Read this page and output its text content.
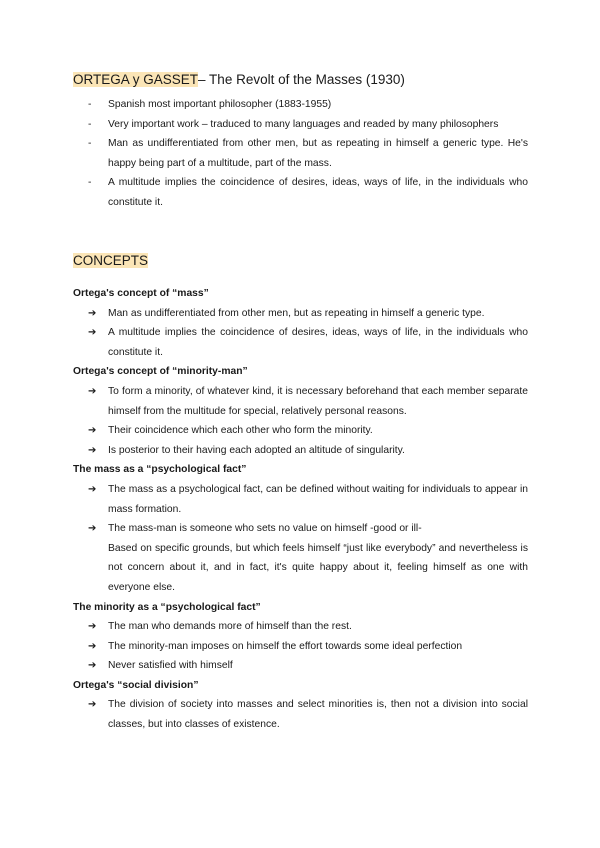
ORTEGA y GASSET– The Revolt of the Masses (1930)
- Spanish most important philosopher (1883-1955)
- Very important work – traduced to many languages and readed by many philosophers
- Man as undifferentiated from other men, but as repeating in himself a generic type. He's happy being part of a multitude, part of the mass.
- A multitude implies the coincidence of desires, ideas, ways of life, in the individuals who constitute it.
CONCEPTS
Ortega's concept of “mass”
➔ Man as undifferentiated from other men, but as repeating in himself a generic type.
➔ A multitude implies the coincidence of desires, ideas, ways of life, in the individuals who constitute it.
Ortega's concept of “minority-man”
➔ To form a minority, of whatever kind, it is necessary beforehand that each member separate himself from the multitude for special, relatively personal reasons.
➔ Their coincidence which each other who form the minority.
➔ Is posterior to their having each adopted an altitude of singularity.
The mass as a “psychological fact”
➔ The mass as a psychological fact, can be defined without waiting for individuals to appear in mass formation.
➔ The mass-man is someone who sets no value on himself -good or ill-
Based on specific grounds, but which feels himself “just like everybody” and nevertheless is not concern about it, and in fact, it's quite happy about it, feeling himself as one with everyone else.
The minority as a “psychological fact”
➔ The man who demands more of himself than the rest.
➔ The minority-man imposes on himself the effort towards some ideal perfection
➔ Never satisfied with himself
Ortega's “social division”
➔ The division of society into masses and select minorities is, then not a division into social classes, but into classes of existence.
